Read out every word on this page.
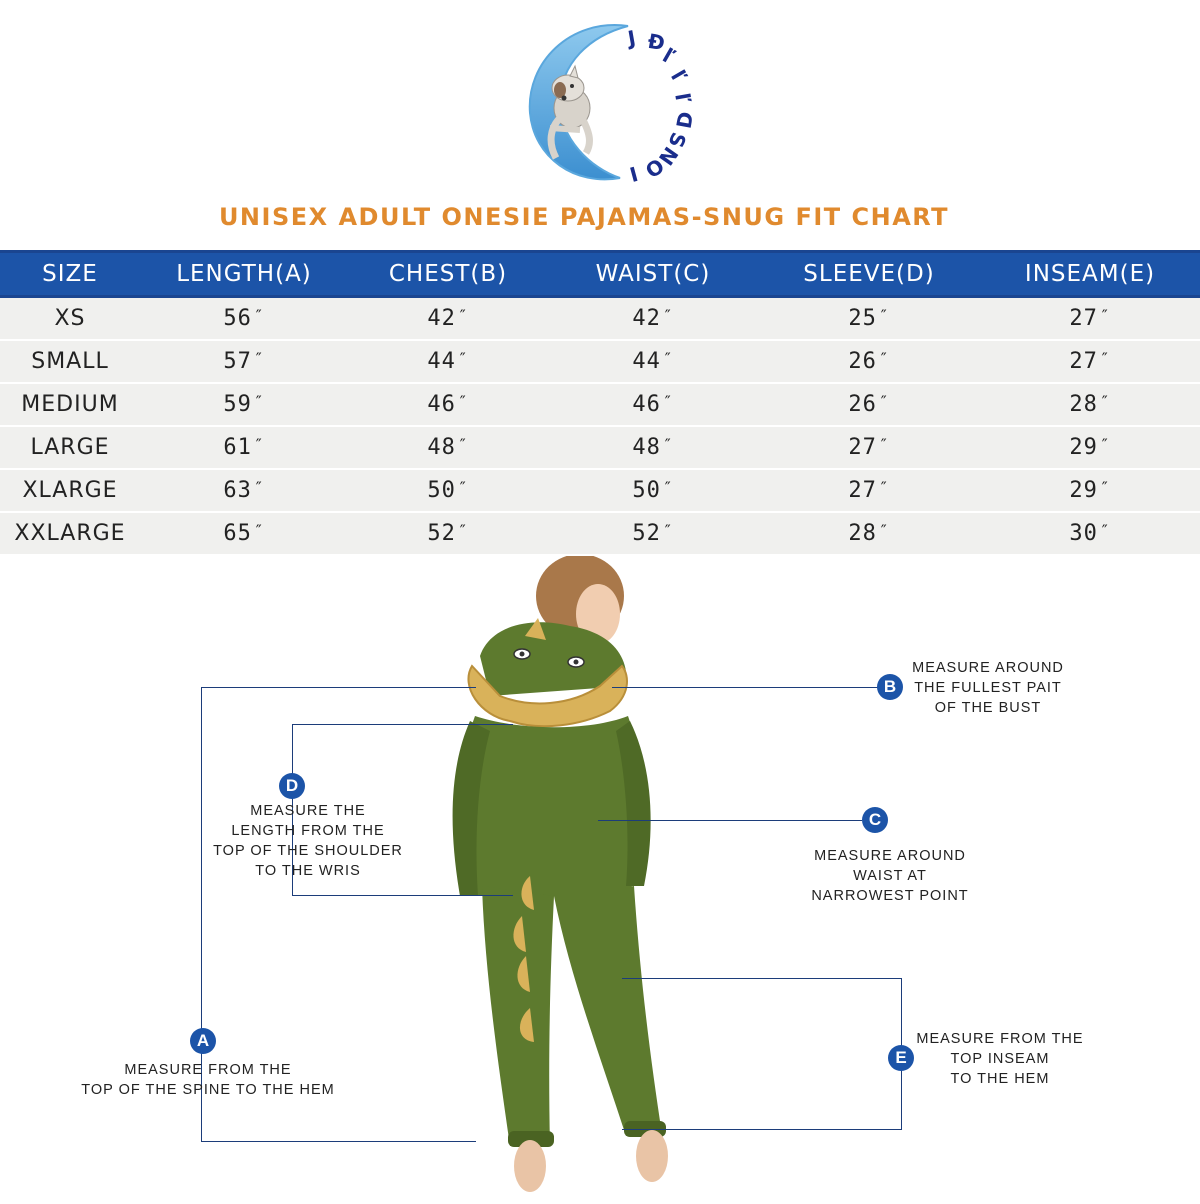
J Ð
ľ
ľ
ľ
ᗡ
S
N
O
I
UNISEX ADULT ONESIE PAJAMAS-SNUG FIT CHART
SIZE	LENGTH(A)	CHEST(B)	WAIST(C)	SLEEVE(D)	INSEAM(E)
XS	56 ″	42 ″	42 ″	25 ″	27 ″
SMALL	57 ″	44 ″	44 ″	26 ″	27 ″
MEDIUM	59 ″	46 ″	46 ″	26 ″	28 ″
LARGE	61 ″	48 ″	48 ″	27 ″	29 ″
XLARGE	63 ″	50 ″	50 ″	27 ″	29 ″
XXLARGE	65 ″	52 ″	52 ″	28 ″	30 ″
A
B
C
D
E
MEASURE FROM THE
TOP OF THE SPINE TO THE HEM
MEASURE AROUND
THE FULLEST PAIT
OF THE BUST
MEASURE AROUND
WAIST AT
NARROWEST POINT
MEASURE THE
LENGTH FROM THE
TOP OF THE SHOULDER
TO THE WRIS
MEASURE FROM THE
TOP INSEAM
TO THE HEM
